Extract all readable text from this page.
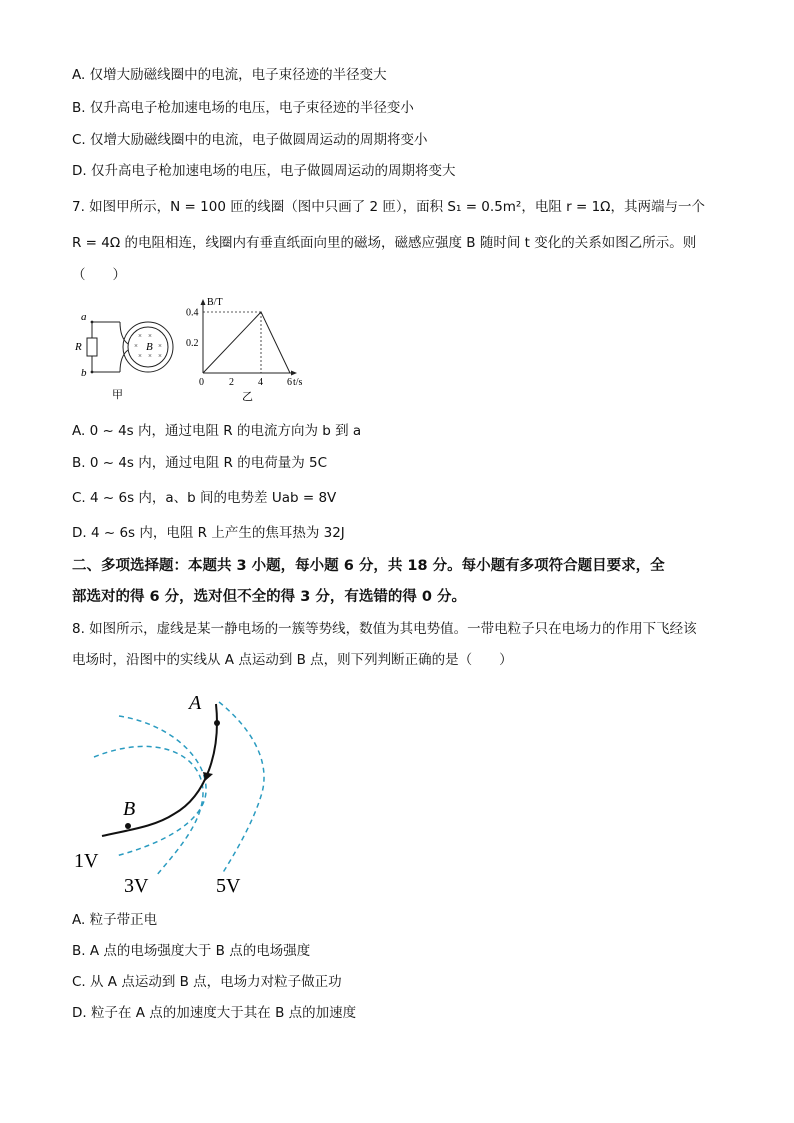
A. 仅增大励磁线圈中的电流，电子束径迹的半径变大
B. 仅升高电子枪加速电场的电压，电子束径迹的半径变小
C. 仅增大励磁线圈中的电流，电子做圆周运动的周期将变小
D. 仅升高电子枪加速电场的电压，电子做圆周运动的周期将变大
7. 如图甲所示，N = 100 匝的线圈（图中只画了 2 匝），面积 S₁ = 0.5m²，电阻 r = 1Ω，其两端与一个
R = 4Ω 的电阻相连，线圈内有垂直纸面向里的磁场，磁感应强度 B 随时间 t 变化的关系如图乙所示。则
（　　）
× ×
×	×
× × ×
a
b
R	B
甲
B/T
t/s
0	2 4 6
0.2
0.4
乙
A. 0 ~ 4s 内，通过电阻 R 的电流方向为 b 到 a
B. 0 ~ 4s 内，通过电阻 R 的电荷量为 5C
C. 4 ~ 6s 内，a、b 间的电势差 Uab = 8V
D. 4 ~ 6s 内，电阻 R 上产生的焦耳热为 32J
二、多项选择题：本题共 3 小题，每小题 6 分，共 18 分。每小题有多项符合题目要求，全
部选对的得 6 分，选对但不全的得 3 分，有选错的得 0 分。
8. 如图所示，虚线是某一静电场的一簇等势线，数值为其电势值。一带电粒子只在电场力的作用下飞经该
电场时，沿图中的实线从 A 点运动到 B 点，则下列判断正确的是（　　）
A
B
1V
3V	5V
A. 粒子带正电
B. A 点的电场强度大于 B 点的电场强度
C. 从 A 点运动到 B 点，电场力对粒子做正功
D. 粒子在 A 点的加速度大于其在 B 点的加速度
